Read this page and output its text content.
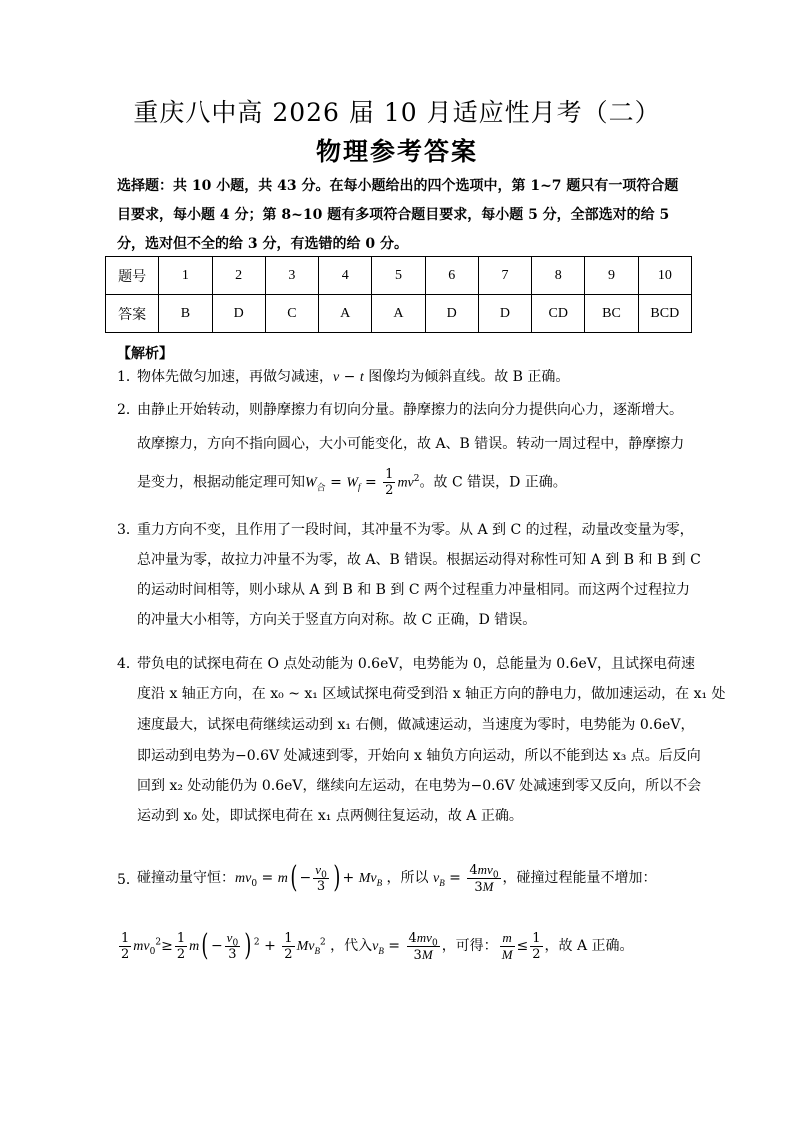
重庆八中高 2026 届 10 月适应性月考（二）
物理参考答案
选择题：共 10 小题，共 43 分。在每小题给出的四个选项中，第 1~7 题只有一项符合题目要求，每小题 4 分；第 8~10 题有多项符合题目要求，每小题 5 分，全部选对的给 5 分，选对但不全的给 3 分，有选错的给 0 分。
题号	1	2	3	4	5	6	7	8	9	10
答案	B	D	C	A	A	D	D	CD	BC	BCD
【解析】
1．
物体先做匀加速，再做匀减速，v − t 图像均为倾斜直线。故 B 正确。
2．
由静止开始转动，则静摩擦力有切向分量。静摩擦力的法向分力提供向心力，逐渐增大。
故摩擦力，方向不指向圆心，大小可能变化，故 A、B 错误。转动一周过程中，静摩擦力
是变力，根据动能定理可知$W_合 = W_f = \frac{1}{2} mv^2$。故 C 错误，D 正确。
3．
重力方向不变，且作用了一段时间，其冲量不为零。从 A 到 C 的过程，动量改变量为零，
总冲量为零，故拉力冲量不为零，故 A、B 错误。根据运动得对称性可知 A 到 B 和 B 到 C
的运动时间相等，则小球从 A 到 B 和 B 到 C 两个过程重力冲量相同。而这两个过程拉力
的冲量大小相等，方向关于竖直方向对称。故 C 正确，D 错误。
4．
带负电的试探电荷在 O 点处动能为 0.6eV，电势能为 0，总能量为 0.6eV，且试探电荷速
度沿 x 轴正方向，在 x₀ ~ x₁ 区域试探电荷受到沿 x 轴正方向的静电力，做加速运动，在 x₁ 处
速度最大，试探电荷继续运动到 x₁ 右侧，做减速运动，当速度为零时，电势能为 0.6eV，
即运动到电势为−0.6V 处减速到零，开始向 x 轴负方向运动，所以不能到达 x₃ 点。后反向
回到 x₂ 处动能仍为 0.6eV，继续向左运动，在电势为−0.6V 处减速到零又反向，所以不会
运动到 x₀ 处，即试探电荷在 x₁ 点两侧往复运动，故 A 正确。
5．
碰撞动量守恒：$mv_0 = m( - \frac{v_0}{3}$ ) + $Mv_B$ ，所以 $v_B = \frac{4mv_0}{3M}$ ，碰撞过程能量不增加：
$\frac{1}{2} mv_0^2\ge \frac{1}{2} m( - \frac{v_0}{3}$ ) $^2 + \frac{1}{2} Mv_B^2$ ，代入$v_B = \frac{4mv_0}{3M}$ ，可得： $\frac{m}{M} \le \frac{1}{2}$ ，故 A 正确。
